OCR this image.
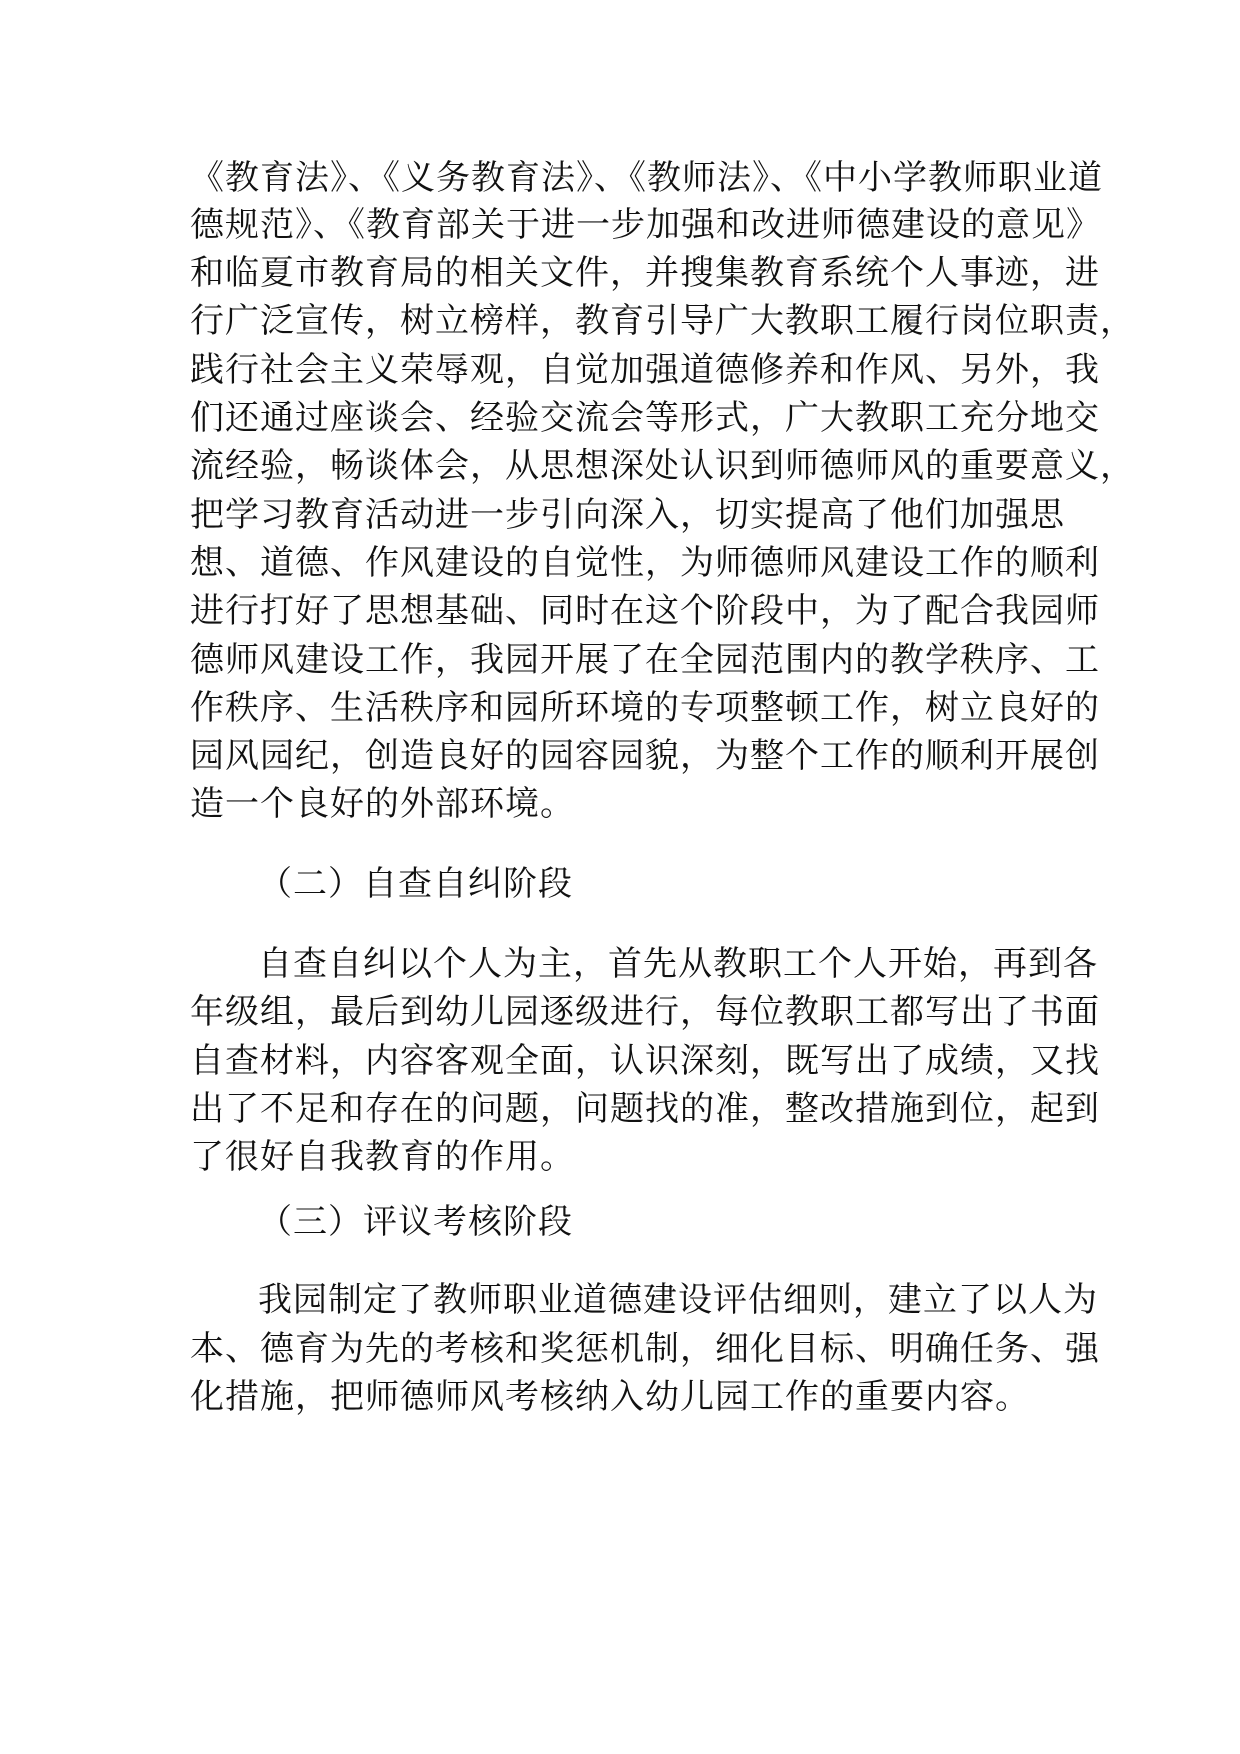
《教育法》、《义务教育法》、《教师法》、《中小学教师职业道
德规范》、《教育部关于进一步加强和改进师德建设的意见》
和临夏市教育局的相关文件，并搜集教育系统个人事迹，进
行广泛宣传，树立榜样，教育引导广大教职工履行岗位职责，
践行社会主义荣辱观，自觉加强道德修养和作风、另外，我
们还通过座谈会、经验交流会等形式，广大教职工充分地交
流经验，畅谈体会，从思想深处认识到师德师风的重要意义，
把学习教育活动进一步引向深入，切实提高了他们加强思
想、道德、作风建设的自觉性，为师德师风建设工作的顺利
进行打好了思想基础、同时在这个阶段中，为了配合我园师
德师风建设工作，我园开展了在全园范围内的教学秩序、工
作秩序、生活秩序和园所环境的专项整顿工作，树立良好的
园风园纪，创造良好的园容园貌，为整个工作的顺利开展创
造一个良好的外部环境。
（二）自查自纠阶段
自查自纠以个人为主，首先从教职工个人开始，再到各
年级组，最后到幼儿园逐级进行，每位教职工都写出了书面
自查材料，内容客观全面，认识深刻，既写出了成绩，又找
出了不足和存在的问题，问题找的准，整改措施到位，起到
了很好自我教育的作用。
（三）评议考核阶段
我园制定了教师职业道德建设评估细则，建立了以人为
本、德育为先的考核和奖惩机制，细化目标、明确任务、强
化措施，把师德师风考核纳入幼儿园工作的重要内容。
